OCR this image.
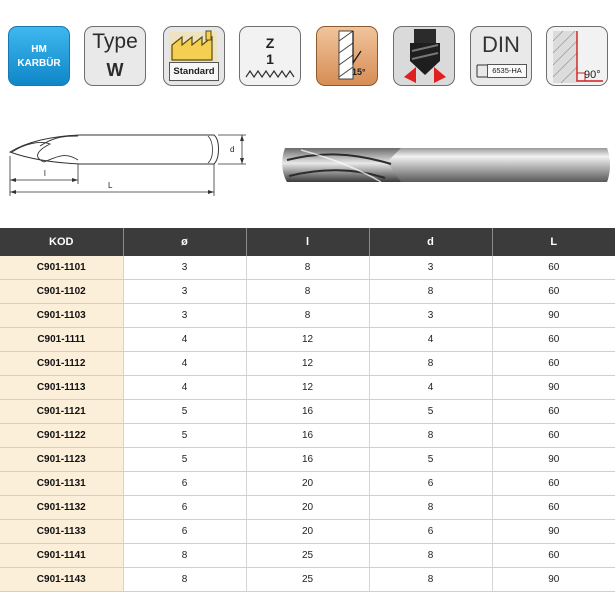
HM
KARBÜR
Type
W	Standard
Z
1
15°
DIN
6535-HA	90°
l
L
d
KOD	ø	l	d	L
C901-1101	3	8	3	60
C901-1102	3	8	8	60
C901-1103	3	8	3	90
C901-1111	4	12	4	60
C901-1112	4	12	8	60
C901-1113	4	12	4	90
C901-1121	5	16	5	60
C901-1122	5	16	8	60
C901-1123	5	16	5	90
C901-1131	6	20	6	60
C901-1132	6	20	8	60
C901-1133	6	20	6	90
C901-1141	8	25	8	60
C901-1143	8	25	8	90
